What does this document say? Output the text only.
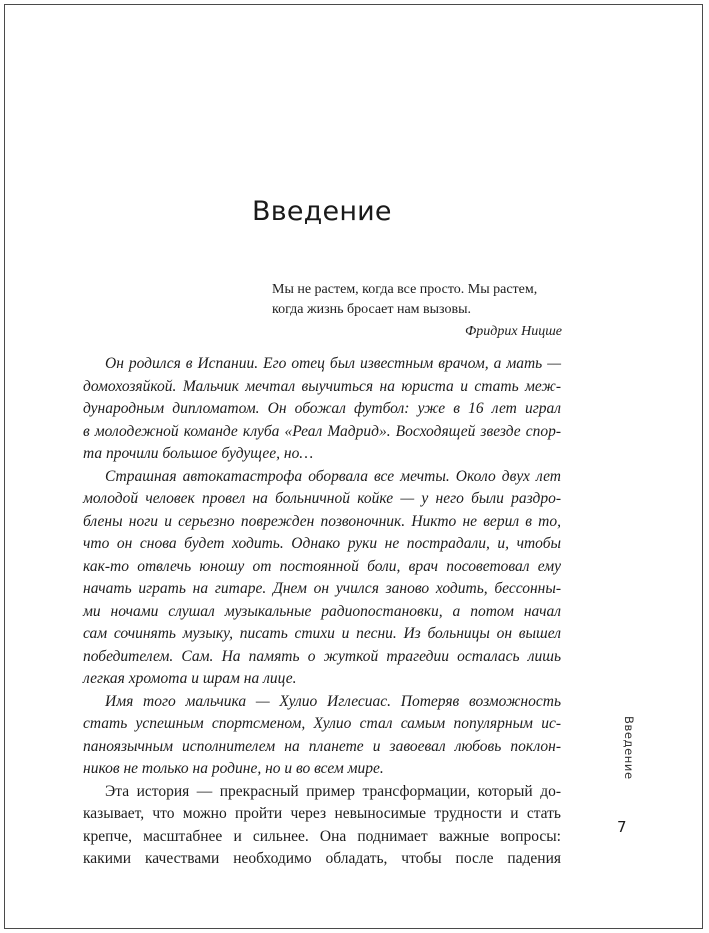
Введение
Мы не растем, когда все просто. Мы растем,
когда жизнь бросает нам вызовы.
Фридрих Ницше
Он родился в Испании. Его отец был известным врачом, а мать —
домохозяйкой. Мальчик мечтал выучиться на юриста и стать меж-
дународным дипломатом. Он обожал футбол: уже в 16 лет играл
в молодежной команде клуба «Реал Мадрид». Восходящей звезде спор-
та прочили большое будущее, но…
Страшная автокатастрофа оборвала все мечты. Около двух лет
молодой человек провел на больничной койке — у него были раздро-
блены ноги и серьезно поврежден позвоночник. Никто не верил в то,
что он снова будет ходить. Однако руки не пострадали, и, чтобы
как-то отвлечь юношу от постоянной боли, врач посоветовал ему
начать играть на гитаре. Днем он учился заново ходить, бессонны-
ми ночами слушал музыкальные радиопостановки, а потом начал
сам сочинять музыку, писать стихи и песни. Из больницы он вышел
победителем. Сам. На память о жуткой трагедии осталась лишь
легкая хромота и шрам на лице.
Имя того мальчика — Хулио Иглесиас. Потеряв возможность
стать успешным спортсменом, Хулио стал самым популярным ис-
паноязычным исполнителем на планете и завоевал любовь поклон-
ников не только на родине, но и во всем мире.
Эта история — прекрасный пример трансформации, который до-
казывает, что можно пройти через невыносимые трудности и стать
крепче, масштабнее и сильнее. Она поднимает важные вопросы:
какими качествами необходимо обладать, чтобы после падения
Введение
7
